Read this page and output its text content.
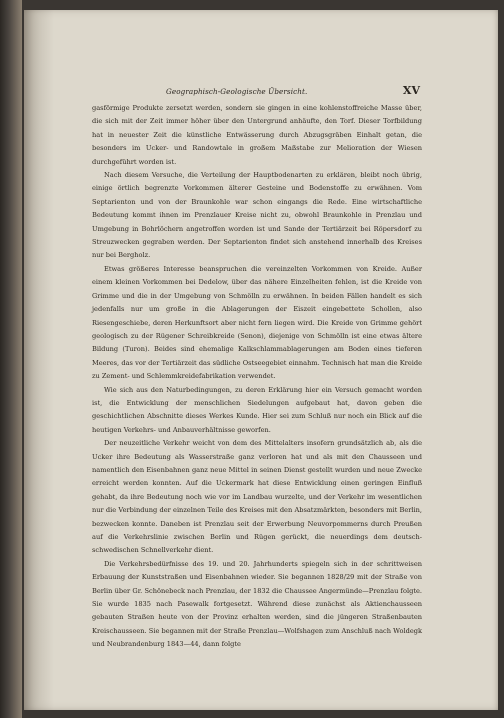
Geographisch-Geologische Übersicht.	XV

gasförmige Produkte zersetzt werden, sondern sie gingen in eine kohlenstoffreiche Masse über, die sich mit der Zeit immer höher über den Untergrund anhäufte, den Torf. Dieser Torfbildung hat in neuester Zeit die künstliche Entwässerung durch Abzugsgräben Einhalt getan, die besonders im Ucker- und Randowtale in großem Maßstabe zur Melioration der Wiesen durchgeführt worden ist.

Nach diesem Versuche, die Verteilung der Hauptbodenarten zu erklären, bleibt noch übrig, einige örtlich begrenzte Vorkommen älterer Gesteine und Bodenstoffe zu erwähnen. Vom Septarienton und von der Braunkohle war schon eingangs die Rede. Eine wirtschaftliche Bedeutung kommt ihnen im Prenzlauer Kreise nicht zu, obwohl Braunkohle in Prenzlau und Umgebung in Bohrlöchern angetroffen worden ist und Sande der Tertiärzeit bei Röpersdorf zu Streuzwecken gegraben werden. Der Septarienton findet sich anstehend innerhalb des Kreises nur bei Bergholz.

Etwas größeres Interesse beanspruchen die vereinzelten Vorkommen von Kreide. Außer einem kleinen Vorkommen bei Dedelow, über das nähere Einzelheiten fehlen, ist die Kreide von Grimme und die in der Umgebung von Schmölln zu erwähnen. In beiden Fällen handelt es sich jedenfalls nur um große in die Ablagerungen der Eiszeit eingebettete Schollen, also Riesengeschiebe, deren Herkunftsort aber nicht fern liegen wird. Die Kreide von Grimme gehört geologisch zu der Rügener Schreibkreide (Senon), diejenige von Schmölln ist eine etwas ältere Bildung (Turon). Beides sind ehemalige Kalkschlammablagerungen am Boden eines tieferen Meeres, das vor der Tertiärzeit das südliche Ostseegebiet einnahm. Technisch hat man die Kreide zu Zement- und Schlemmkreidefabrikation verwendet.

Wie sich aus den Naturbedingungen, zu deren Erklärung hier ein Versuch gemacht worden ist, die Entwicklung der menschlichen Siedelungen aufgebaut hat, davon geben die geschichtlichen Abschnitte dieses Werkes Kunde. Hier sei zum Schluß nur noch ein Blick auf die heutigen Verkehrs- und Anbauverhältnisse geworfen.

Der neuzeitliche Verkehr weicht von dem des Mittelalters insofern grundsätzlich ab, als die Ucker ihre Bedeutung als Wasserstraße ganz verloren hat und als mit den Chausseen und namentlich den Eisenbahnen ganz neue Mittel in seinen Dienst gestellt wurden und neue Zwecke erreicht werden konnten. Auf die Uckermark hat diese Entwicklung einen geringen Einfluß gehabt, da ihre Bedeutung noch wie vor im Landbau wurzelte, und der Verkehr im wesentlichen nur die Verbindung der einzelnen Teile des Kreises mit den Absatzmärkten, besonders mit Berlin, bezwecken konnte. Daneben ist Prenzlau seit der Erwerbung Neuvorpommerns durch Preußen auf die Verkehrslinie zwischen Berlin und Rügen gerückt, die neuerdings dem deutsch-schwedischen Schnellverkehr dient.

Die Verkehrsbedürfnisse des 19. und 20. Jahrhunderts spiegeln sich in der schrittweisen Erbauung der Kunststraßen und Eisenbahnen wieder. Sie begannen 1828/29 mit der Straße von Berlin über Gr. Schönebeck nach Prenzlau, der 1832 die Chaussee Angermünde—Prenzlau folgte. Sie wurde 1835 nach Pasewalk fortgesetzt. Während diese zunächst als Aktienchausseen gebauten Straßen heute von der Provinz erhalten werden, sind die jüngeren Straßenbauten Kreischausseen. Sie begannen mit der Straße Prenzlau—Wolfshagen zum Anschluß nach Woldegk und Neubrandenburg 1843—44, dann folgte
